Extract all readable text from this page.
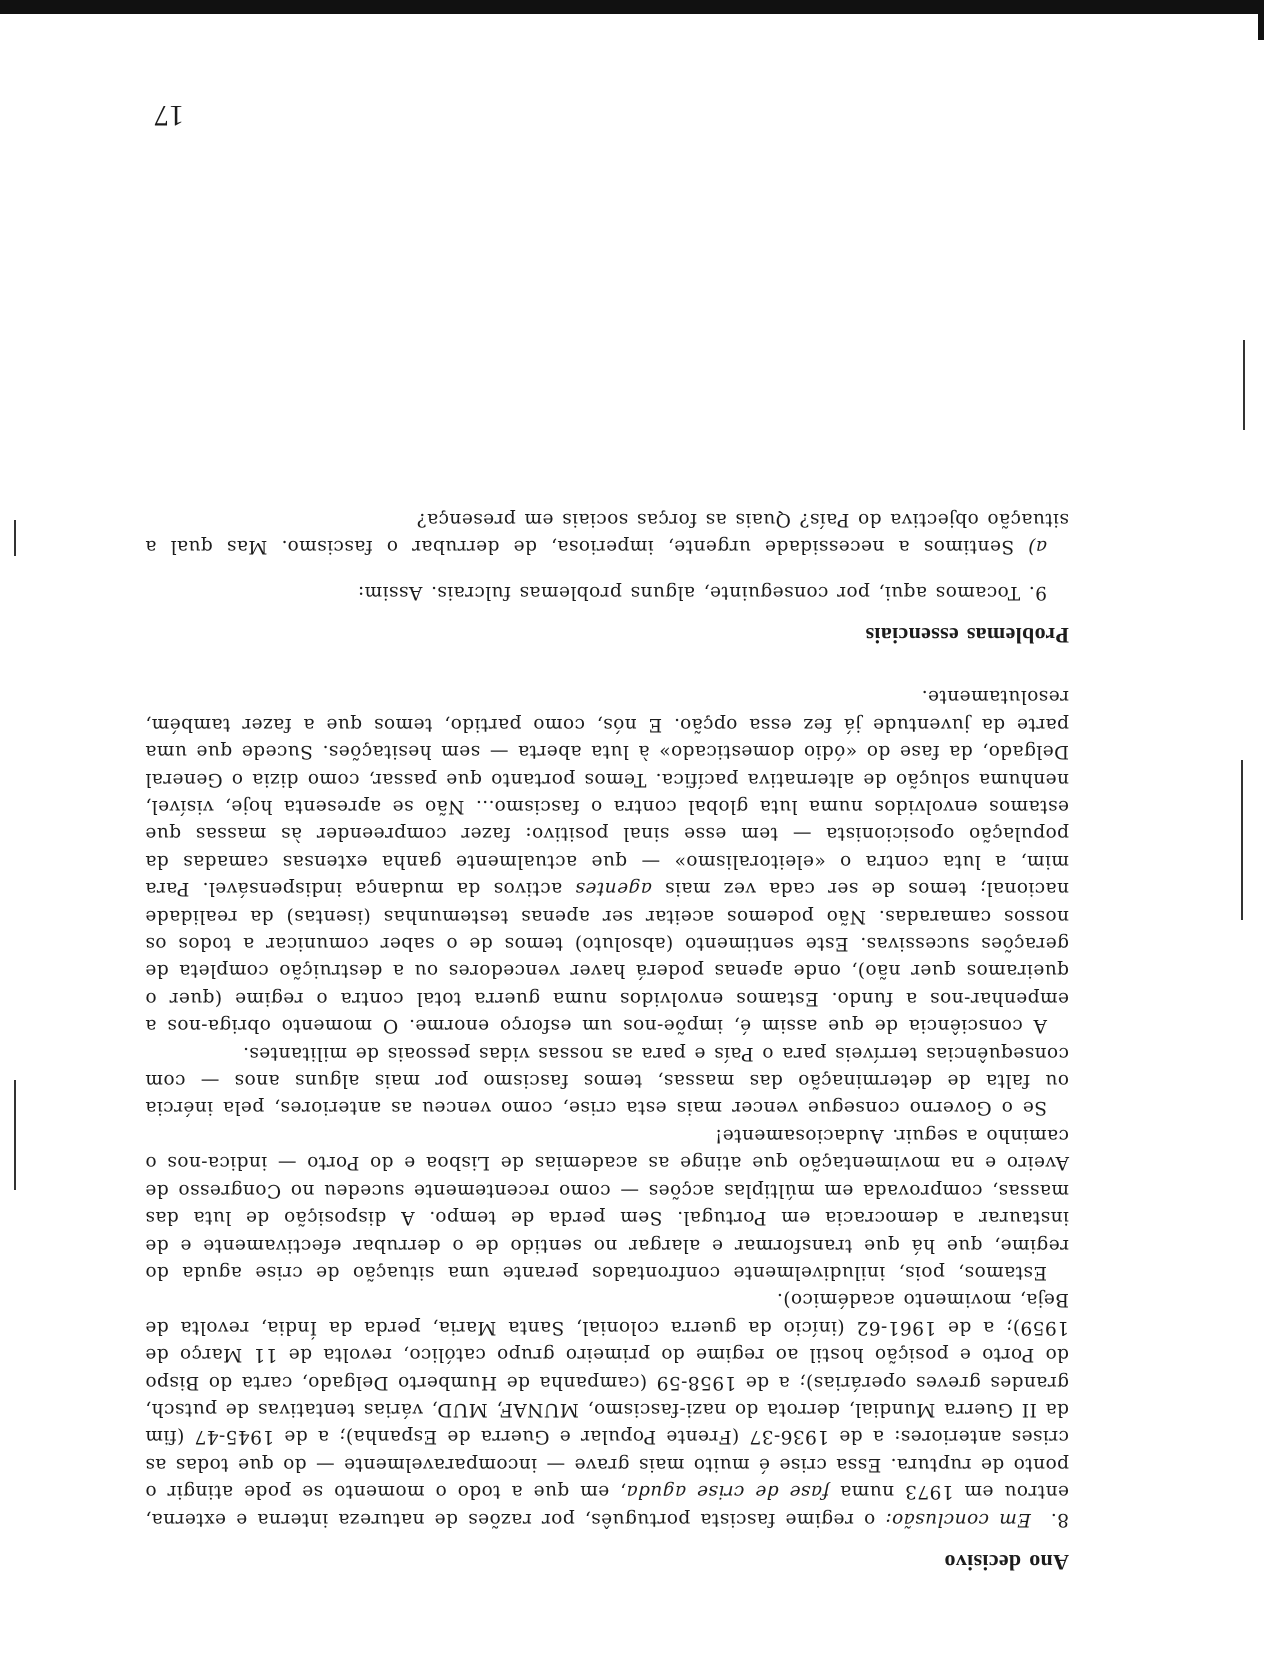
Ano decisivo

8.  Em conclusão: o regime fascista português, por razões de natureza interna e externa, entrou em 1973 numa fase de crise aguda, em que a todo o momento se pode atingir o ponto de ruptura. Essa crise é muito mais grave — incomparavelmente — do que todas as crises anteriores: a de 1936-37 (Frente Popular e Guerra de Espanha); a de 1945-47 (fim da II Guerra Mundial, derrota do nazi-fascismo, MUNAF, MUD, várias tentativas de putsch, grandes greves operárias); a de 1958-59 (campanha de Humberto Delgado, carta do Bispo do Porto e posição hostil ao regime do primeiro grupo católico, revolta de 11 Março de 1959); a de 1961-62 (início da guerra colonial, Santa Maria, perda da Índia, revolta de Beja, movimento académico).

Estamos, pois, iniludivelmente confrontados perante uma situação de crise aguda do regime, que há que transformar e alargar no sentido de o derrubar efectivamente e de instaurar a democracia em Portugal. Sem perda de tempo. A disposição de luta das massas, comprovada em múltiplas acções — como recentemente sucedeu no Congresso de Aveiro e na movimentação que atinge as academias de Lisboa e do Porto — indica-nos o caminho a seguir. Audaciosamente!

Se o Governo consegue vencer mais esta crise, como venceu as anteriores, pela inércia ou falta de determinação das massas, temos fascismo por mais alguns anos — com consequências terríveis para o País e para as nossas vidas pessoais de militantes.

A consciência de que assim é, impõe-nos um esforço enorme. O momento obriga-nos a empenhar-nos a fundo. Estamos envolvidos numa guerra total contra o regime (quer o queiramos quer não), onde apenas poderá haver vencedores ou a destruição completa de gerações sucessivas. Este sentimento (absoluto) temos de o saber comunicar a todos os nossos camaradas. Não podemos aceitar ser apenas testemunhas (isentas) da realidade nacional; temos de ser cada vez mais agentes activos da mudança indispensável. Para mim, a luta contra o «eleitoralismo» — que actualmente ganha extensas camadas da população oposicionista — tem esse sinal positivo: fazer compreender às massas que estamos envolvidos numa luta global contra o fascismo... Não se apresenta hoje, visível, nenhuma solução de alternativa pacífica. Temos portanto que passar, como dizia o General Delgado, da fase do «ódio domesticado» à luta aberta — sem hesitações. Sucede que uma parte da juventude já fez essa opção. E nós, como partido, temos que a fazer também, resolutamente.

Problemas essenciais

9. Tocamos aqui, por conseguinte, alguns problemas fulcrais. Assim:

a) Sentimos a necessidade urgente, imperiosa, de derrubar o fascismo. Mas qual a situação objectiva do País? Quais as forças sociais em presença?

17
